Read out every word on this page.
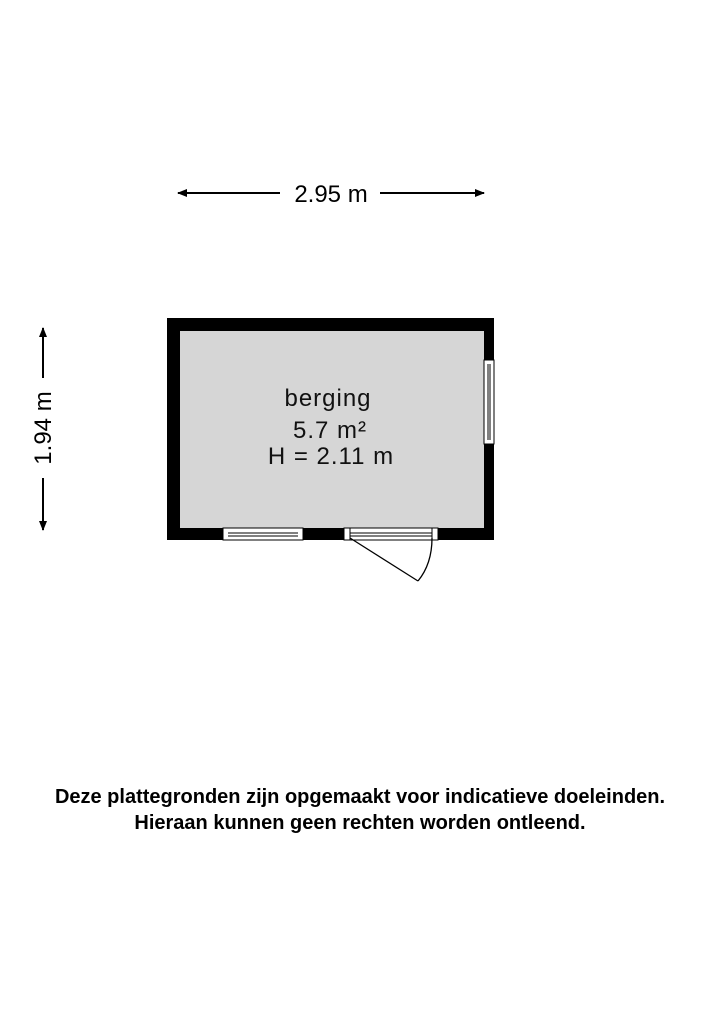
2.95 m
1.94 m	berging
5.7 m²
H = 2.11 m
Deze plattegronden zijn opgemaakt voor indicatieve doeleinden.
Hieraan kunnen geen rechten worden ontleend.
